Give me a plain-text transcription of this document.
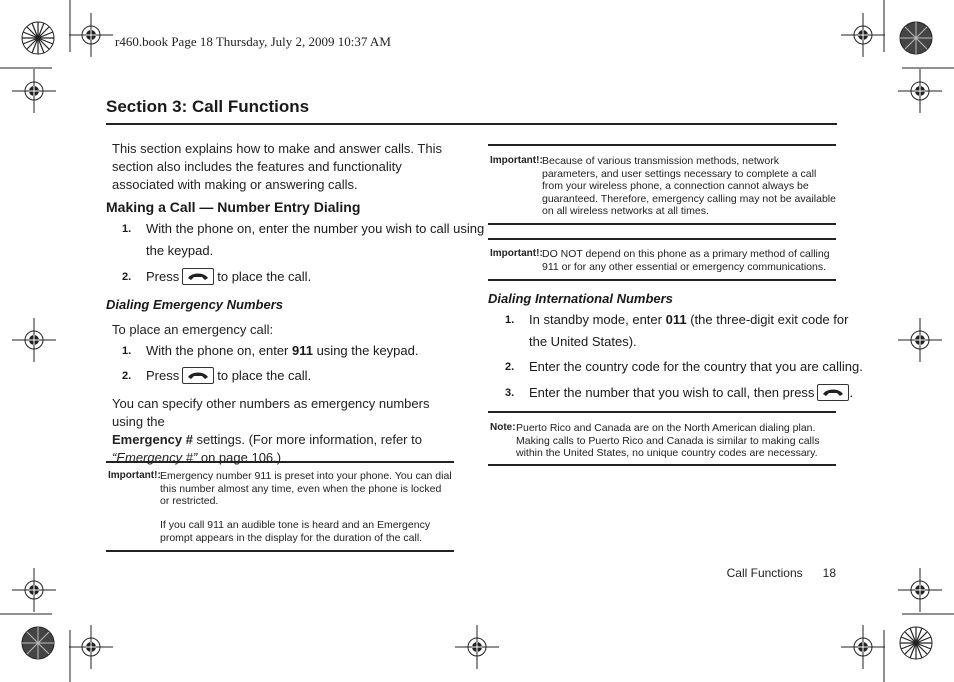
r460.book Page 18 Thursday, July 2, 2009 10:37 AM
Section 3: Call Functions
This section explains how to make and answer calls. This section also includes the features and functionality associated with making or answering calls.
Making a Call — Number Entry Dialing
1. With the phone on, enter the number you wish to call using
the keypad.
2. Press	to place the call.
Dialing Emergency Numbers
To place an emergency call:
1. With the phone on, enter 911 using the keypad.
2. Press	to place the call.
You can specify other numbers as emergency numbers using the
Emergency # settings. (For more information, refer to
“Emergency #” on page 106.)
Important!: Emergency number 911 is preset into your phone. You can dial this number almost any time, even when the phone is locked or restricted.
If you call 911 an audible tone is heard and an Emergency prompt appears in the display for the duration of the call.
Important!: Because of various transmission methods, network parameters, and user settings necessary to complete a call from your wireless phone, a connection cannot always be guaranteed. Therefore, emergency calling may not be available on all wireless networks at all times.
Important!: DO NOT depend on this phone as a primary method of calling 911 or for any other essential or emergency communications.
Dialing International Numbers
1. In standby mode, enter 011 (the three-digit exit code for
the United States).
2. Enter the country code for the country that you are calling.
3. Enter the number that you wish to call, then press	.
Note: Puerto Rico and Canada are on the North American dialing plan. Making calls to Puerto Rico and Canada is similar to making calls within the United States, no unique country codes are necessary.
Call Functions 18
